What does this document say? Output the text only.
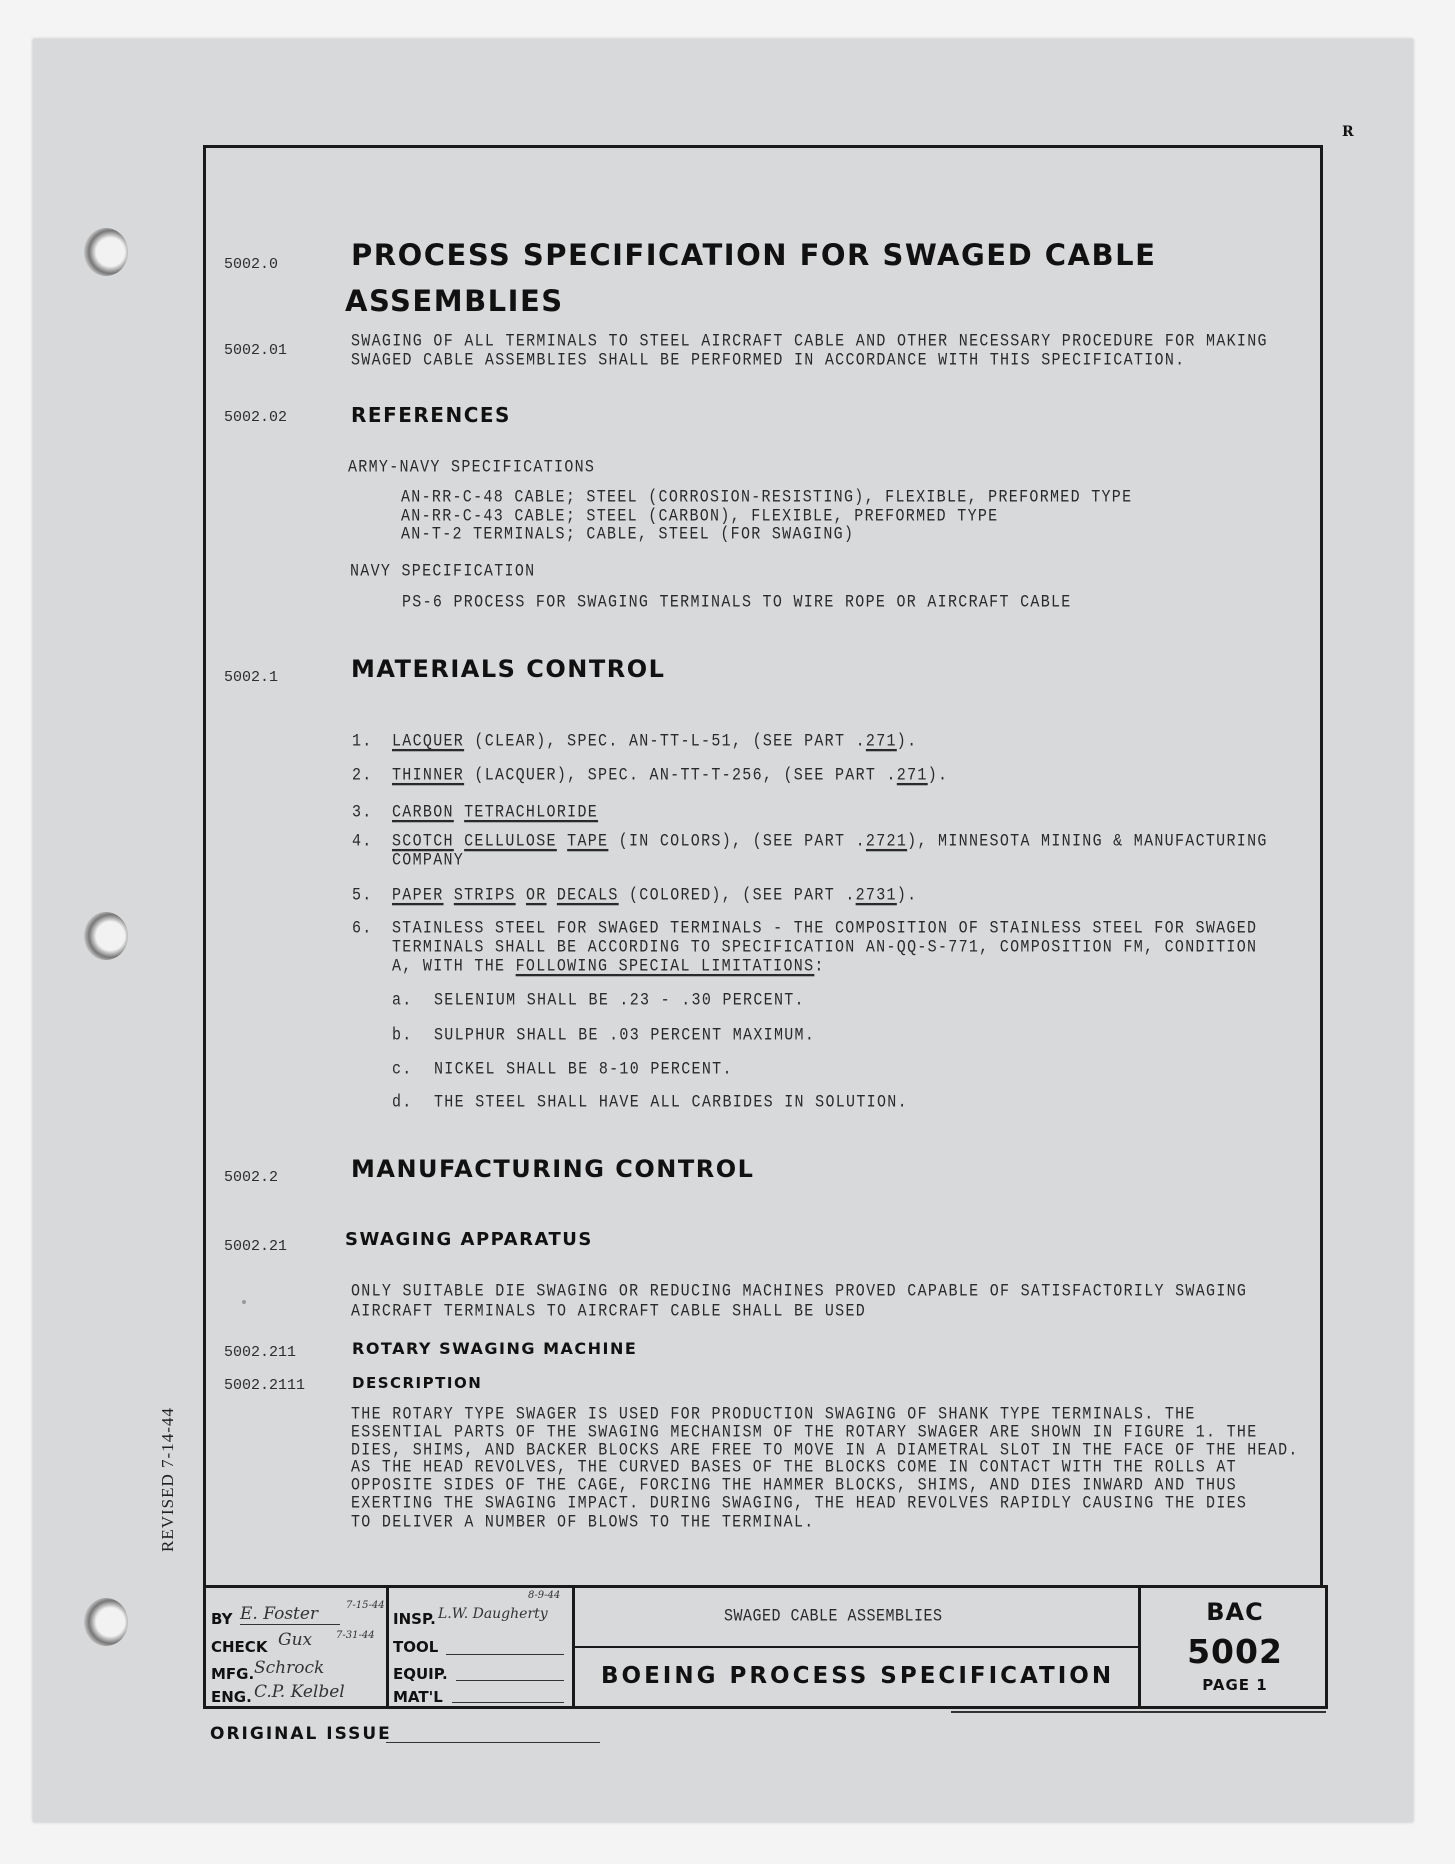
R
REVISED 7-14-44
5002.0	PROCESS SPECIFICATION FOR SWAGED CABLE
ASSEMBLIES
5002.01	SWAGING OF ALL TERMINALS TO STEEL AIRCRAFT CABLE AND OTHER NECESSARY PROCEDURE FOR MAKING
SWAGED CABLE ASSEMBLIES SHALL BE PERFORMED IN ACCORDANCE WITH THIS SPECIFICATION.
5002.02	REFERENCES
ARMY-NAVY SPECIFICATIONS
AN-RR-C-48 CABLE; STEEL (CORROSION-RESISTING), FLEXIBLE, PREFORMED TYPE
AN-RR-C-43 CABLE; STEEL (CARBON), FLEXIBLE, PREFORMED TYPE
AN-T-2 TERMINALS; CABLE, STEEL (FOR SWAGING)
NAVY SPECIFICATION
PS-6 PROCESS FOR SWAGING TERMINALS TO WIRE ROPE OR AIRCRAFT CABLE
5002.1	MATERIALS CONTROL
1. LACQUER (CLEAR), SPEC. AN-TT-L-51, (SEE PART .271).
2. THINNER (LACQUER), SPEC. AN-TT-T-256, (SEE PART .271).
3. CARBON TETRACHLORIDE
4. SCOTCH CELLULOSE TAPE (IN COLORS), (SEE PART .2721), MINNESOTA MINING & MANUFACTURING
COMPANY
5. PAPER STRIPS OR DECALS (COLORED), (SEE PART .2731).
6. STAINLESS STEEL FOR SWAGED TERMINALS - THE COMPOSITION OF STAINLESS STEEL FOR SWAGED
TERMINALS SHALL BE ACCORDING TO SPECIFICATION AN-QQ-S-771, COMPOSITION FM, CONDITION
A, WITH THE FOLLOWING SPECIAL LIMITATIONS:
a. SELENIUM SHALL BE .23 - .30 PERCENT.
b. SULPHUR SHALL BE .03 PERCENT MAXIMUM.
c. NICKEL SHALL BE 8-10 PERCENT.
d. THE STEEL SHALL HAVE ALL CARBIDES IN SOLUTION.
5002.2	MANUFACTURING CONTROL
5002.21	SWAGING APPARATUS
ONLY SUITABLE DIE SWAGING OR REDUCING MACHINES PROVED CAPABLE OF SATISFACTORILY SWAGING
AIRCRAFT TERMINALS TO AIRCRAFT CABLE SHALL BE USED
5002.211	ROTARY SWAGING MACHINE
5002.2111	DESCRIPTION
THE ROTARY TYPE SWAGER IS USED FOR PRODUCTION SWAGING OF SHANK TYPE TERMINALS. THE
ESSENTIAL PARTS OF THE SWAGING MECHANISM OF THE ROTARY SWAGER ARE SHOWN IN FIGURE 1. THE
DIES, SHIMS, AND BACKER BLOCKS ARE FREE TO MOVE IN A DIAMETRAL SLOT IN THE FACE OF THE HEAD.
AS THE HEAD REVOLVES, THE CURVED BASES OF THE BLOCKS COME IN CONTACT WITH THE ROLLS AT
OPPOSITE SIDES OF THE CAGE, FORCING THE HAMMER BLOCKS, SHIMS, AND DIES INWARD AND THUS
EXERTING THE SWAGING IMPACT. DURING SWAGING, THE HEAD REVOLVES RAPIDLY CAUSING THE DIES
TO DELIVER A NUMBER OF BLOWS TO THE TERMINAL.
BY E. Foster	7-15-44
CHECK Gux 7-31-44
MFG. Schrock
ENG. C.P. Kelbel
INSP. L.W. Daugherty
8-9-44
TOOL
EQUIP.
MAT'L
SWAGED CABLE ASSEMBLIES
BOEING PROCESS SPECIFICATION
BAC
5002
PAGE 1
ORIGINAL ISSUE
